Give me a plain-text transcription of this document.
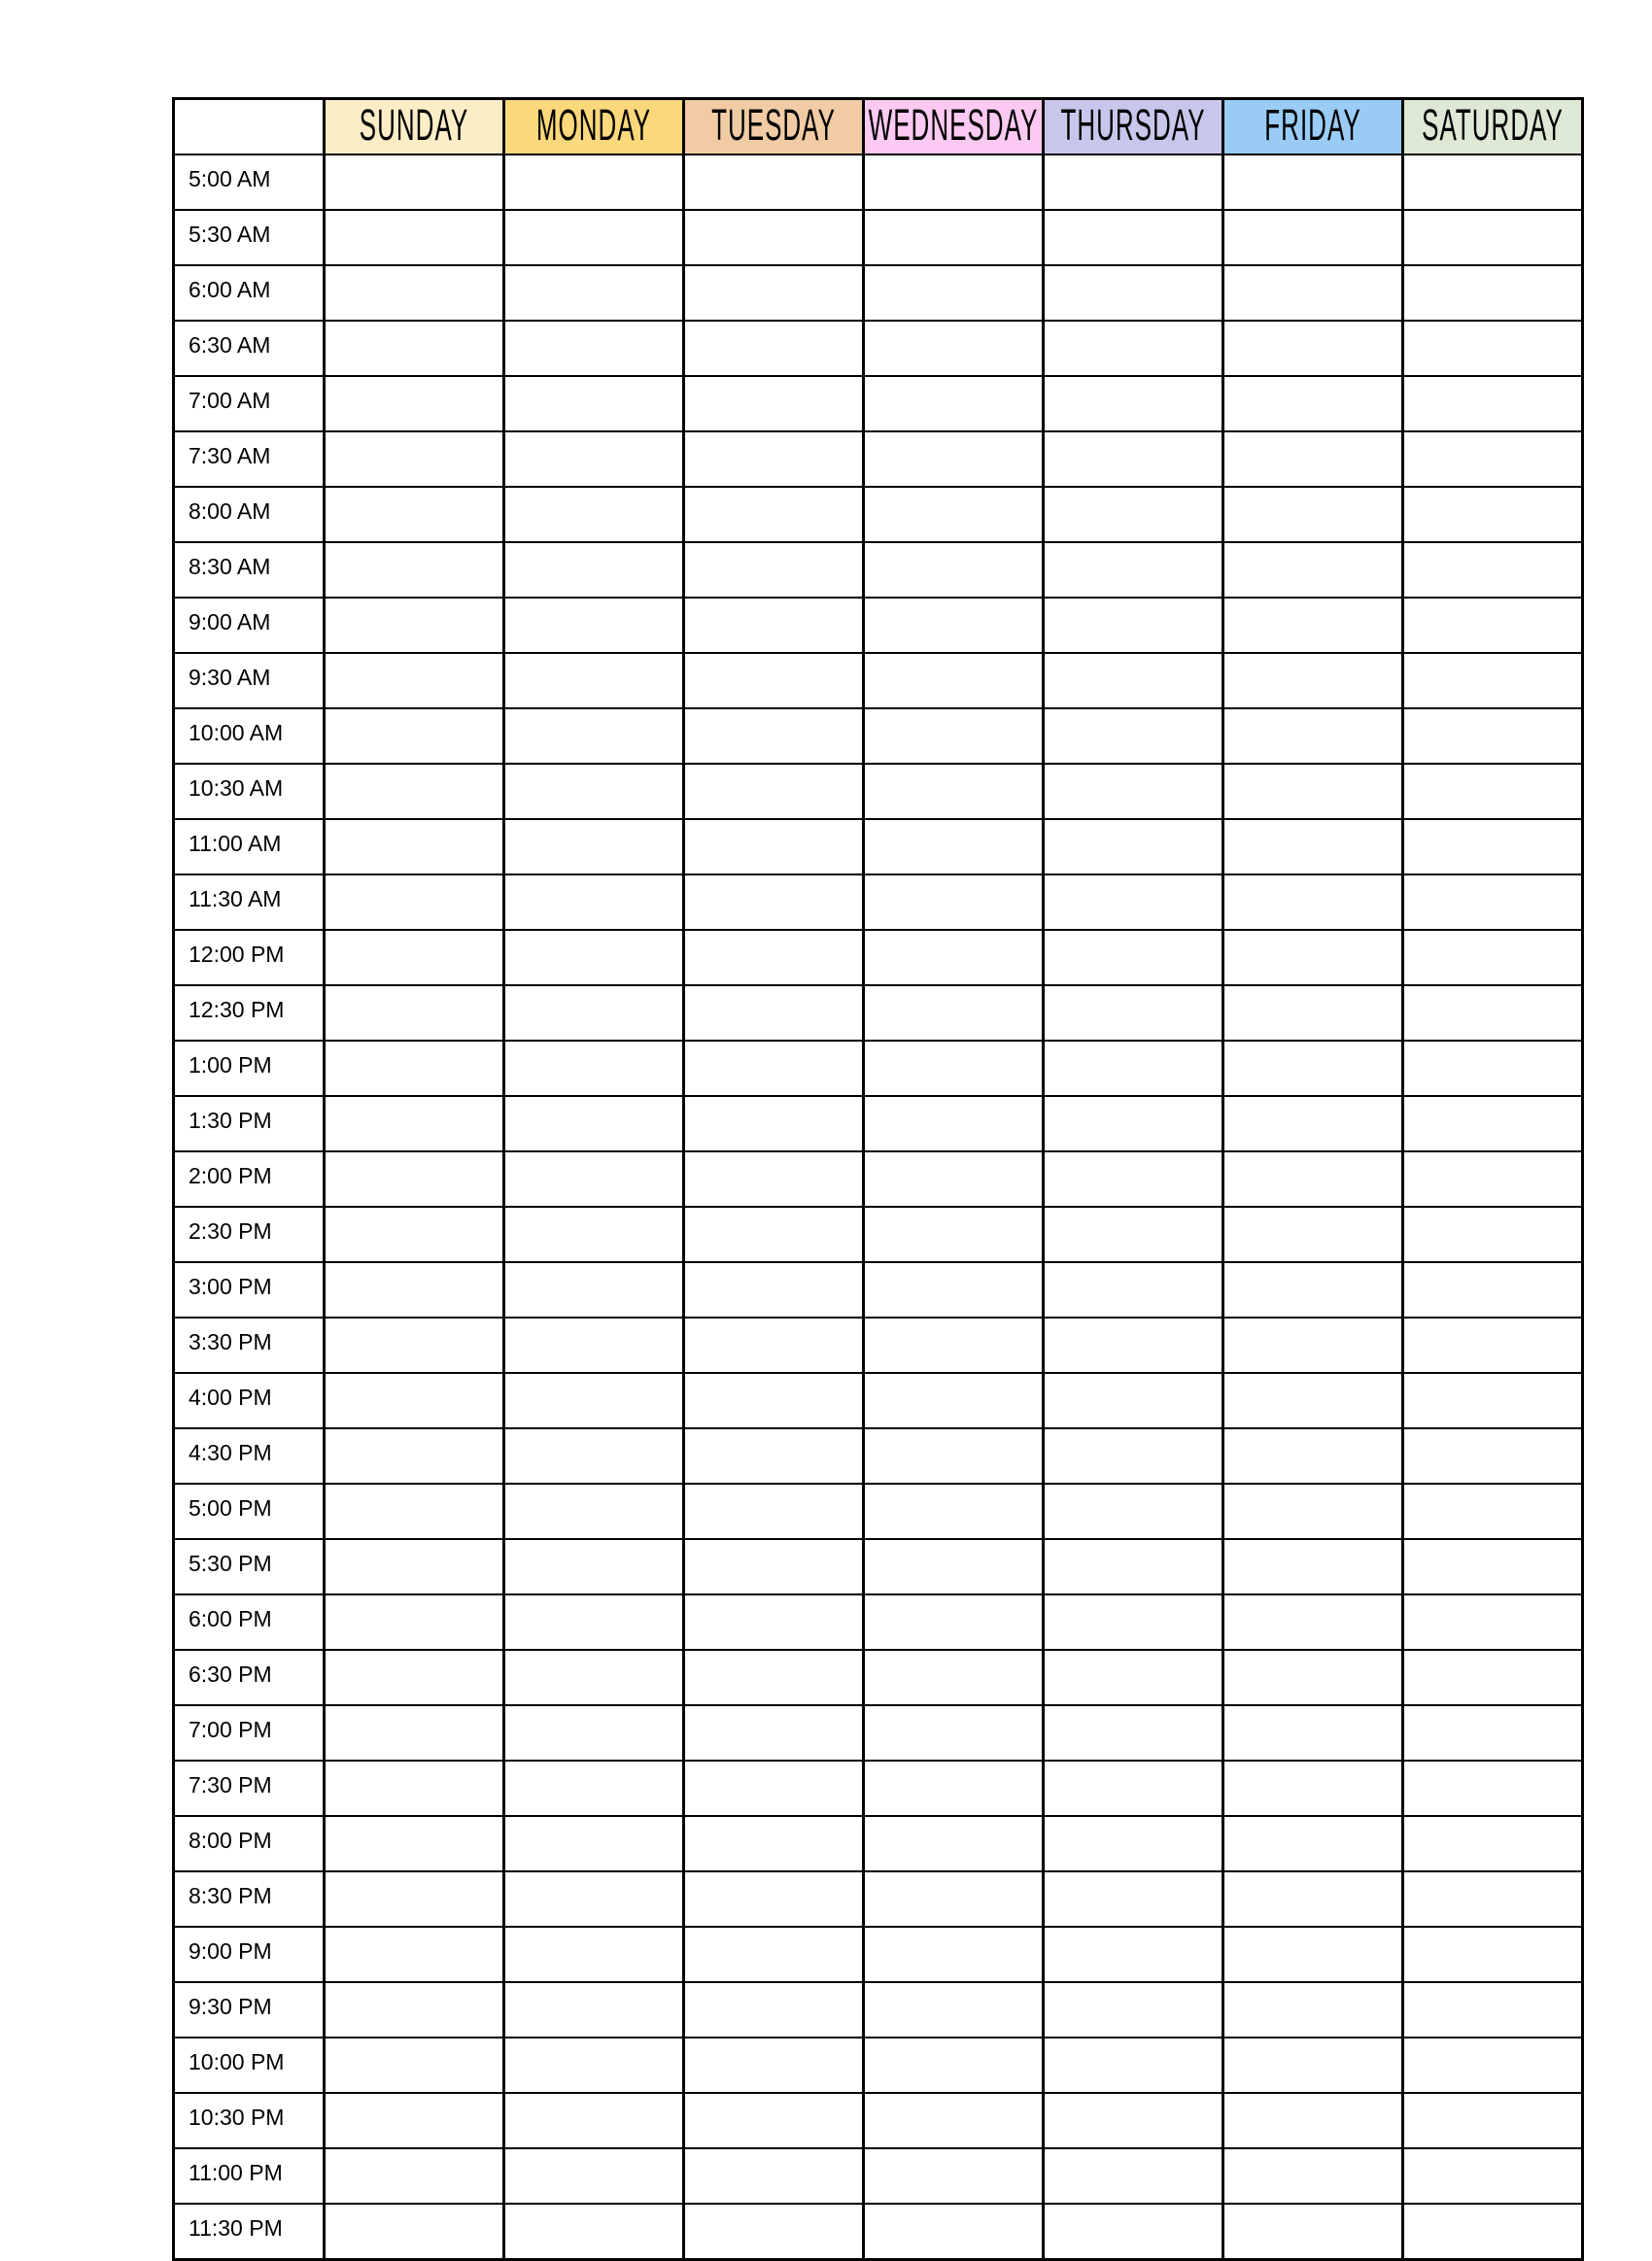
	SUNDAY	MONDAY	TUESDAY	WEDNESDAY	THURSDAY	FRIDAY	SATURDAY
5:00 AM							
5:30 AM							
6:00 AM							
6:30 AM							
7:00 AM							
7:30 AM							
8:00 AM							
8:30 AM							
9:00 AM							
9:30 AM							
10:00 AM							
10:30 AM							
11:00 AM							
11:30 AM							
12:00 PM							
12:30 PM							
1:00 PM							
1:30 PM							
2:00 PM							
2:30 PM							
3:00 PM							
3:30 PM							
4:00 PM							
4:30 PM							
5:00 PM							
5:30 PM							
6:00 PM							
6:30 PM							
7:00 PM							
7:30 PM							
8:00 PM							
8:30 PM							
9:00 PM							
9:30 PM							
10:00 PM							
10:30 PM							
11:00 PM							
11:30 PM							
